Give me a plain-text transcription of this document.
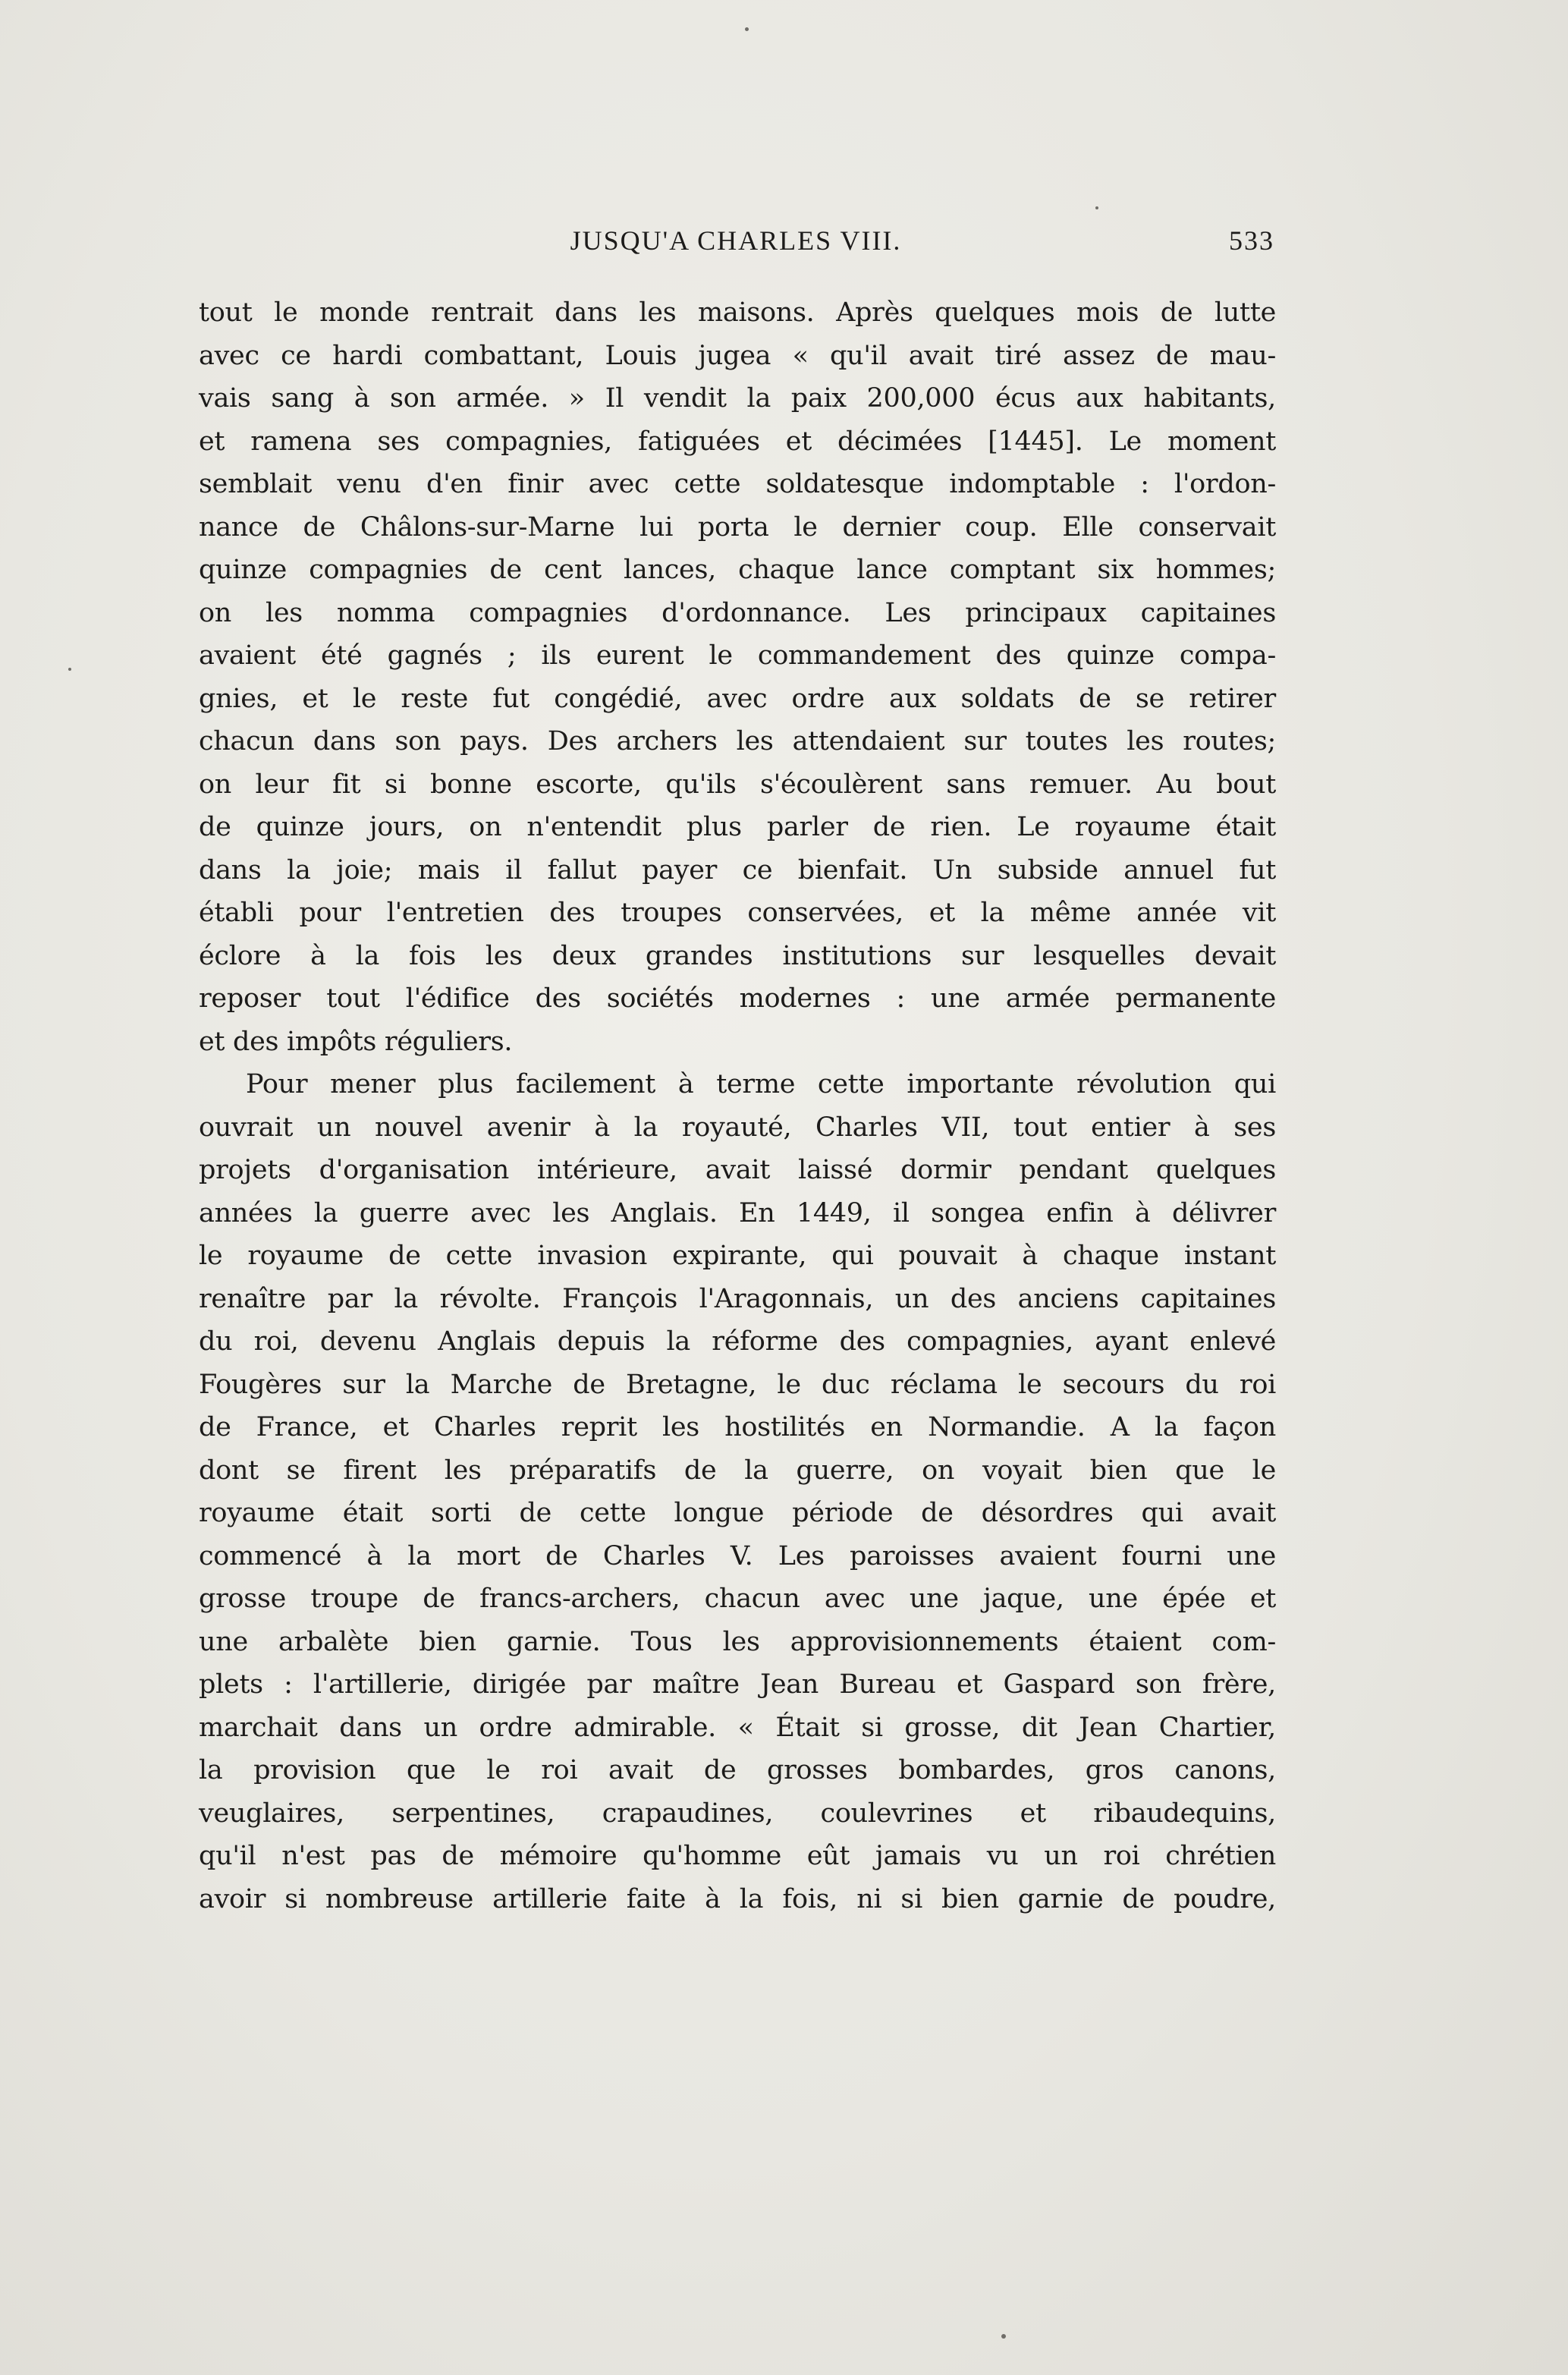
JUSQU'A CHARLES VIII.	533
tout le monde rentrait dans les maisons. Après quelques mois de lutte
avec ce hardi combattant, Louis jugea « qu'il avait tiré assez de mau-
vais sang à son armée. » Il vendit la paix 200,000 écus aux habitants,
et ramena ses compagnies, fatiguées et décimées [1445]. Le moment
semblait venu d'en finir avec cette soldatesque indomptable : l'ordon-
nance de Châlons-sur-Marne lui porta le dernier coup. Elle conservait
quinze compagnies de cent lances, chaque lance comptant six hommes;
on les nomma compagnies d'ordonnance. Les principaux capitaines
avaient été gagnés ; ils eurent le commandement des quinze compa-
gnies, et le reste fut congédié, avec ordre aux soldats de se retirer
chacun dans son pays. Des archers les attendaient sur toutes les routes;
on leur fit si bonne escorte, qu'ils s'écoulèrent sans remuer. Au bout
de quinze jours, on n'entendit plus parler de rien. Le royaume était
dans la joie; mais il fallut payer ce bienfait. Un subside annuel fut
établi pour l'entretien des troupes conservées, et la même année vit
éclore à la fois les deux grandes institutions sur lesquelles devait
reposer tout l'édifice des sociétés modernes : une armée permanente
et des impôts réguliers.
Pour mener plus facilement à terme cette importante révolution qui
ouvrait un nouvel avenir à la royauté, Charles VII, tout entier à ses
projets d'organisation intérieure, avait laissé dormir pendant quelques
années la guerre avec les Anglais. En 1449, il songea enfin à délivrer
le royaume de cette invasion expirante, qui pouvait à chaque instant
renaître par la révolte. François l'Aragonnais, un des anciens capitaines
du roi, devenu Anglais depuis la réforme des compagnies, ayant enlevé
Fougères sur la Marche de Bretagne, le duc réclama le secours du roi
de France, et Charles reprit les hostilités en Normandie. A la façon
dont se firent les préparatifs de la guerre, on voyait bien que le
royaume était sorti de cette longue période de désordres qui avait
commencé à la mort de Charles V. Les paroisses avaient fourni une
grosse troupe de francs-archers, chacun avec une jaque, une épée et
une arbalète bien garnie. Tous les approvisionnements étaient com-
plets : l'artillerie, dirigée par maître Jean Bureau et Gaspard son frère,
marchait dans un ordre admirable. « Était si grosse, dit Jean Chartier,
la provision que le roi avait de grosses bombardes, gros canons,
veuglaires, serpentines, crapaudines, coulevrines et ribaudequins,
qu'il n'est pas de mémoire qu'homme eût jamais vu un roi chrétien
avoir si nombreuse artillerie faite à la fois, ni si bien garnie de poudre,
